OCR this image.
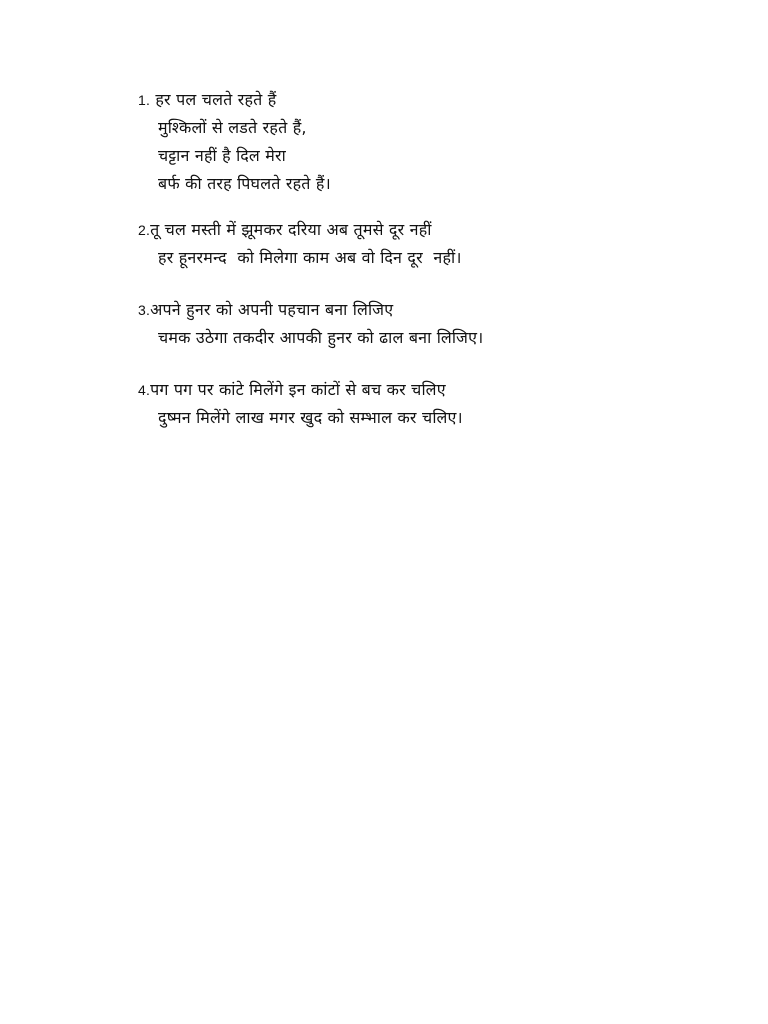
1. हर पल चलते रहते हैं
मुश्किलों से लडते रहते हैं,
चट्टान नहीं है दिल मेरा
बर्फ की तरह पिघलते रहते हैं।
2.तू चल मस्ती में झूमकर दरिया अब तूमसे दूर नहीं
हर हूनरमन्द  को मिलेगा काम अब वो दिन दूर  नहीं।
3.अपने हुनर को अपनी पहचान बना लिजिए
चमक उठेगा तकदीर आपकी हुनर को ढाल बना लिजिए।
4.पग पग पर कांटे मिलेंगे इन कांटों से बच कर चलिए
दुष्मन मिलेंगे लाख मगर खुद को सम्भाल कर चलिए।
